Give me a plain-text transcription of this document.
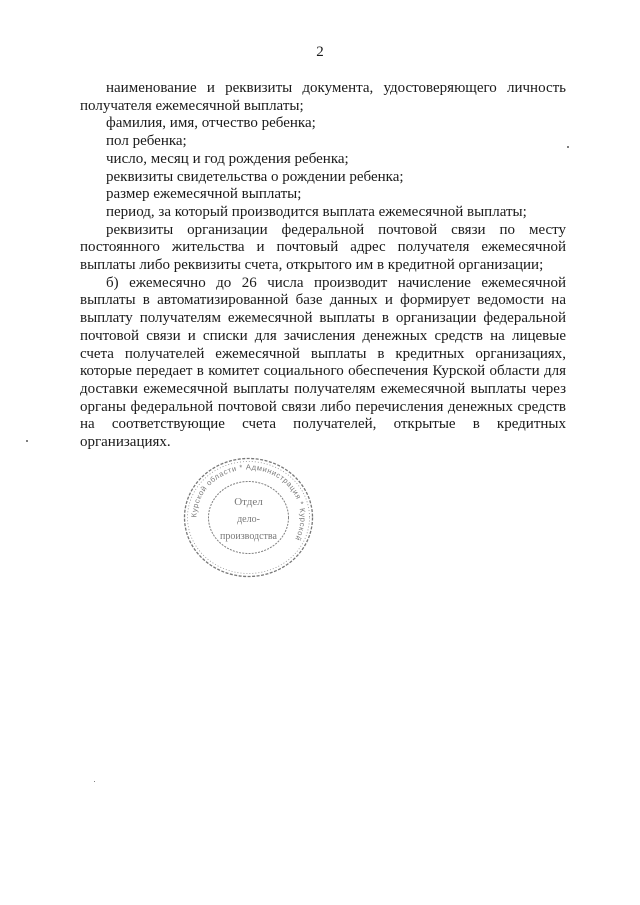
2

наименование и реквизиты документа, удостоверяющего личность получателя ежемесячной выплаты;

фамилия, имя, отчество ребенка;

пол ребенка;

число, месяц и год рождения ребенка;

реквизиты свидетельства о рождении ребенка;

размер ежемесячной выплаты;

период, за который производится выплата ежемесячной выплаты;

реквизиты организации федеральной почтовой связи по месту постоянного жительства и почтовый адрес получателя ежемесячной выплаты либо реквизиты счета, открытого им в кредитной организации;

б) ежемесячно до 26 числа производит начисление ежемесячной выплаты в автоматизированной базе данных и формирует ведомости на выплату получателям ежемесячной выплаты в организации федеральной почтовой связи и списки для зачисления денежных средств на лицевые счета получателей ежемесячной выплаты в кредитных организациях, которые передает в комитет социального обеспечения Курской области для доставки ежемесячной выплаты получателям ежемесячной выплаты через органы федеральной почтовой связи либо перечисления денежных средств на соответствующие счета получателей, открытые в кредитных организациях.

Курской области * Администрация * Курской
Отдел
дело-
производства
